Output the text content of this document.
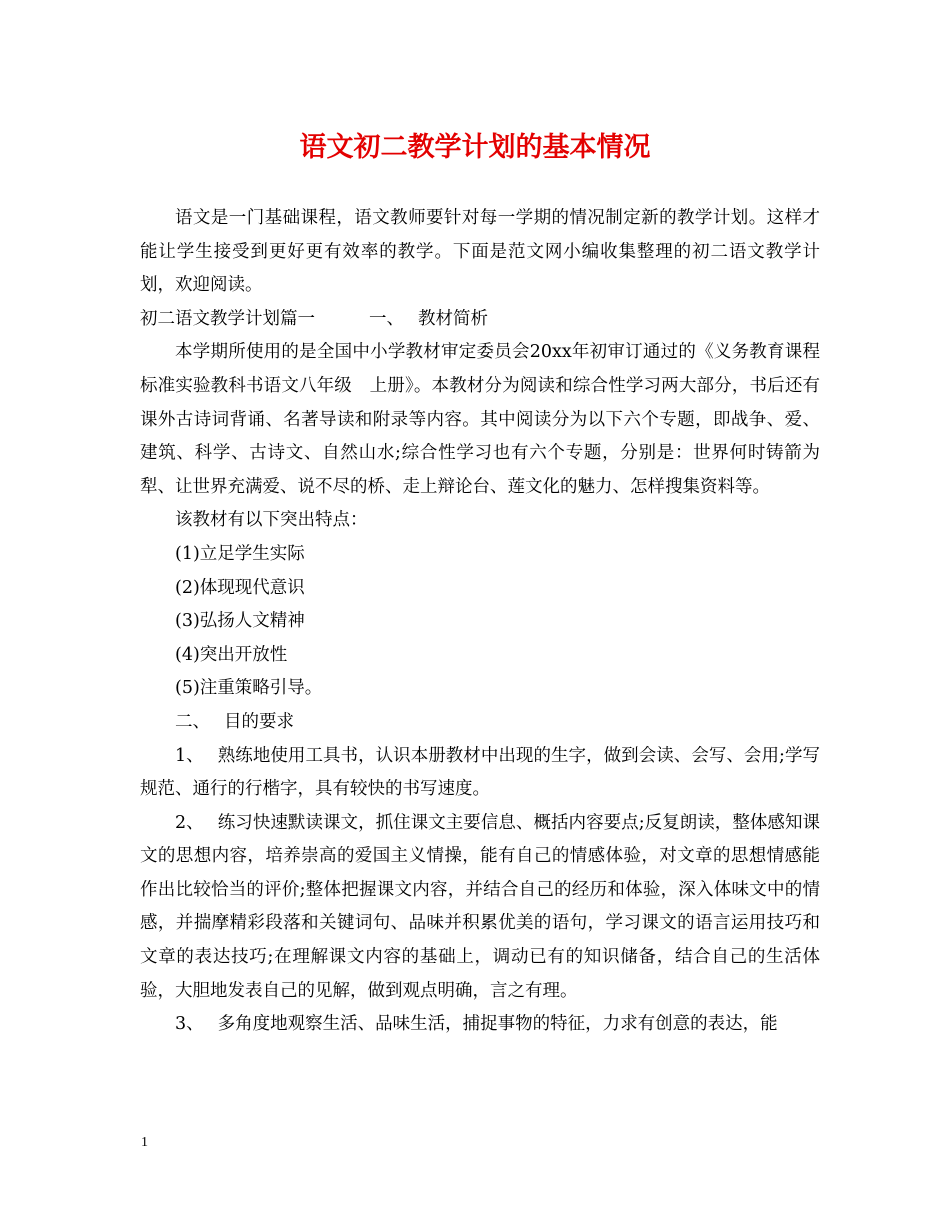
语文初二教学计划的基本情况

语文是一门基础课程，语文教师要针对每一学期的情况制定新的教学计划。这样才能让学生接受到更好更有效率的教学。下面是范文网小编收集整理的初二语文教学计划，欢迎阅读。

初二语文教学计划篇一	一、 教材简析

本学期所使用的是全国中小学教材审定委员会20xx年初审订通过的《义务教育课程标准实验教科书语文八年级　上册》。本教材分为阅读和综合性学习两大部分，书后还有课外古诗词背诵、名著导读和附录等内容。其中阅读分为以下六个专题，即战争、爱、建筑、科学、古诗文、自然山水;综合性学习也有六个专题，分别是：世界何时铸箭为犁、让世界充满爱、说不尽的桥、走上辩论台、莲文化的魅力、怎样搜集资料等。

该教材有以下突出特点：

(1)立足学生实际

(2)体现现代意识

(3)弘扬人文精神

(4)突出开放性

(5)注重策略引导。

二、 目的要求

1、 熟练地使用工具书，认识本册教材中出现的生字，做到会读、会写、会用;学写规范、通行的行楷字，具有较快的书写速度。

2、 练习快速默读课文，抓住课文主要信息、概括内容要点;反复朗读，整体感知课文的思想内容，培养崇高的爱国主义情操，能有自己的情感体验，对文章的思想情感能作出比较恰当的评价;整体把握课文内容，并结合自己的经历和体验，深入体味文中的情感，并揣摩精彩段落和关键词句、品味并积累优美的语句，学习课文的语言运用技巧和文章的表达技巧;在理解课文内容的基础上，调动已有的知识储备，结合自己的生活体验，大胆地发表自己的见解，做到观点明确，言之有理。

3、 多角度地观察生活、品味生活，捕捉事物的特征，力求有创意的表达，能

1
